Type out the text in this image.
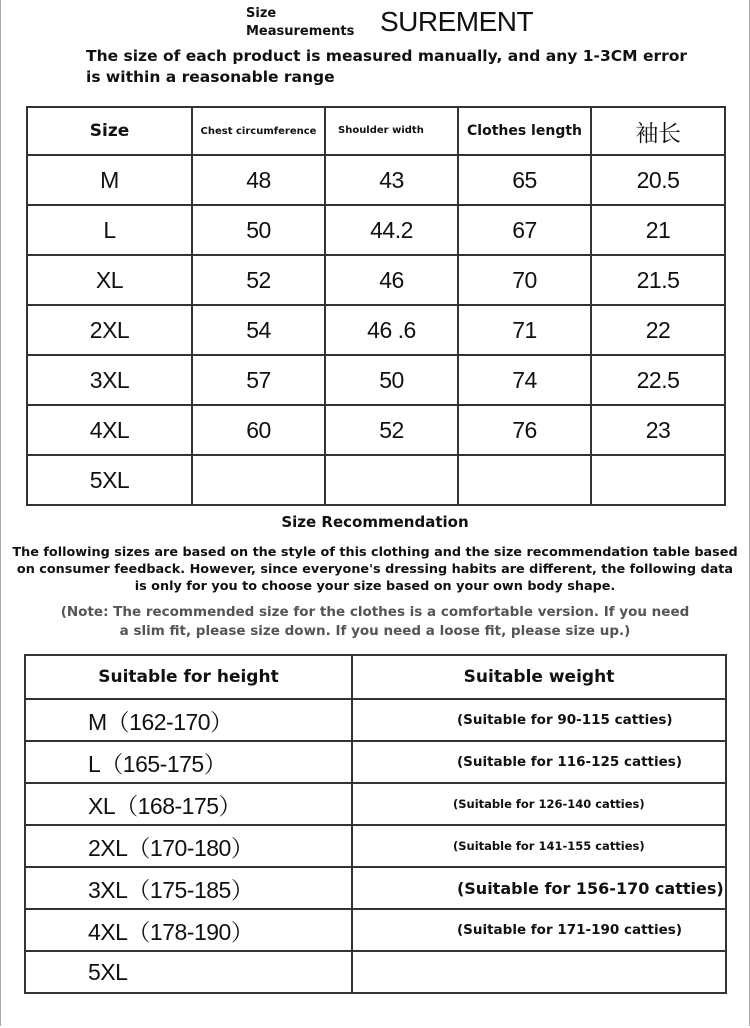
Size
Measurements SUREMENT
The size of each product is measured manually, and any 1-3CM error is within a reasonable range
Size	Chest circumference	Shoulder width	Clothes length	袖长
M	48	43	65	20.5
L	50	44.2	67	21
XL	52	46	70	21.5
2XL	54	46 .6	71	22
3XL	57	50	74	22.5
4XL	60	52	76	23
5XL				
Size Recommendation
The following sizes are based on the style of this clothing and the size recommendation table based on consumer feedback. However, since everyone's dressing habits are different, the following data is only for you to choose your size based on your own body shape.
(Note: The recommended size for the clothes is a comfortable version. If you need a slim fit, please size down. If you need a loose fit, please size up.)
Suitable for height	Suitable weight
M（162-170）	(Suitable for 90-115 catties)
L（165-175）	(Suitable for 116-125 catties)
XL（168-175）	(Suitable for 126-140 catties)
2XL（170-180）	(Suitable for 141-155 catties)
3XL（175-185）	(Suitable for 156-170 catties)
4XL（178-190）	(Suitable for 171-190 catties)
5XL	
